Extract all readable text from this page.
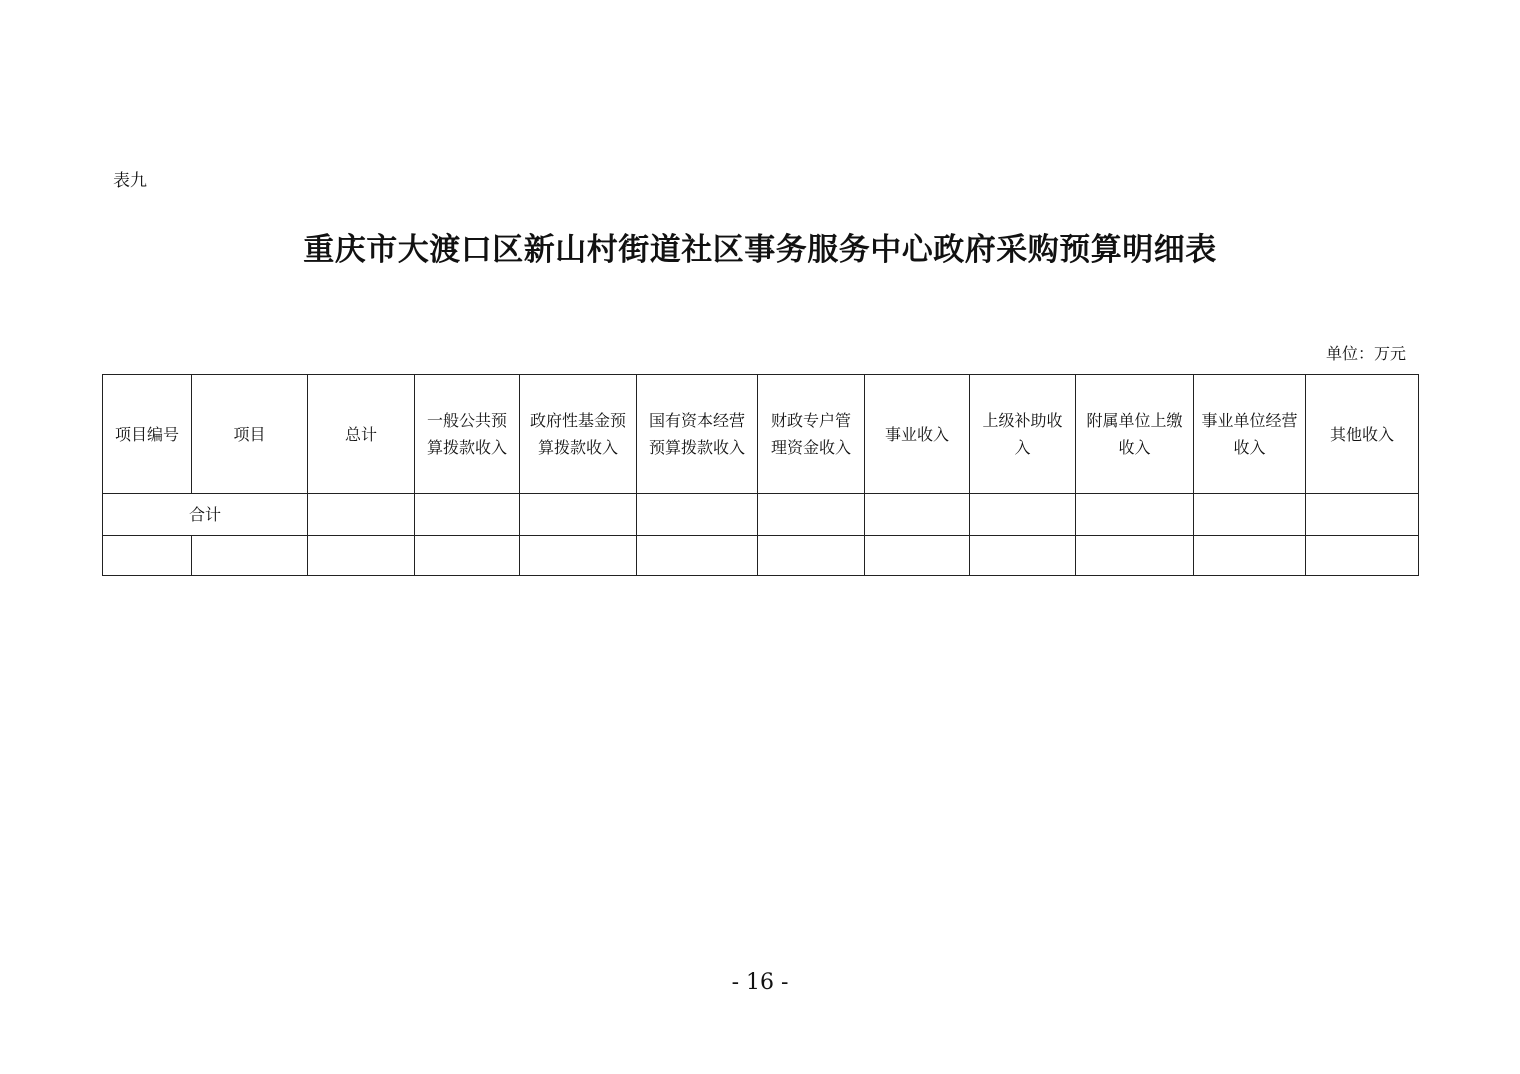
表九
重庆市大渡口区新山村街道社区事务服务中心政府采购预算明细表
单位：万元
项目编号	项目	总计	一般公共预算拨款收入	政府性基金预算拨款收入	国有资本经营预算拨款收入	财政专户管理资金收入	事业收入	上级补助收入	附属单位上缴收入	事业单位经营收入	其他收入
合计											

- 16 -
